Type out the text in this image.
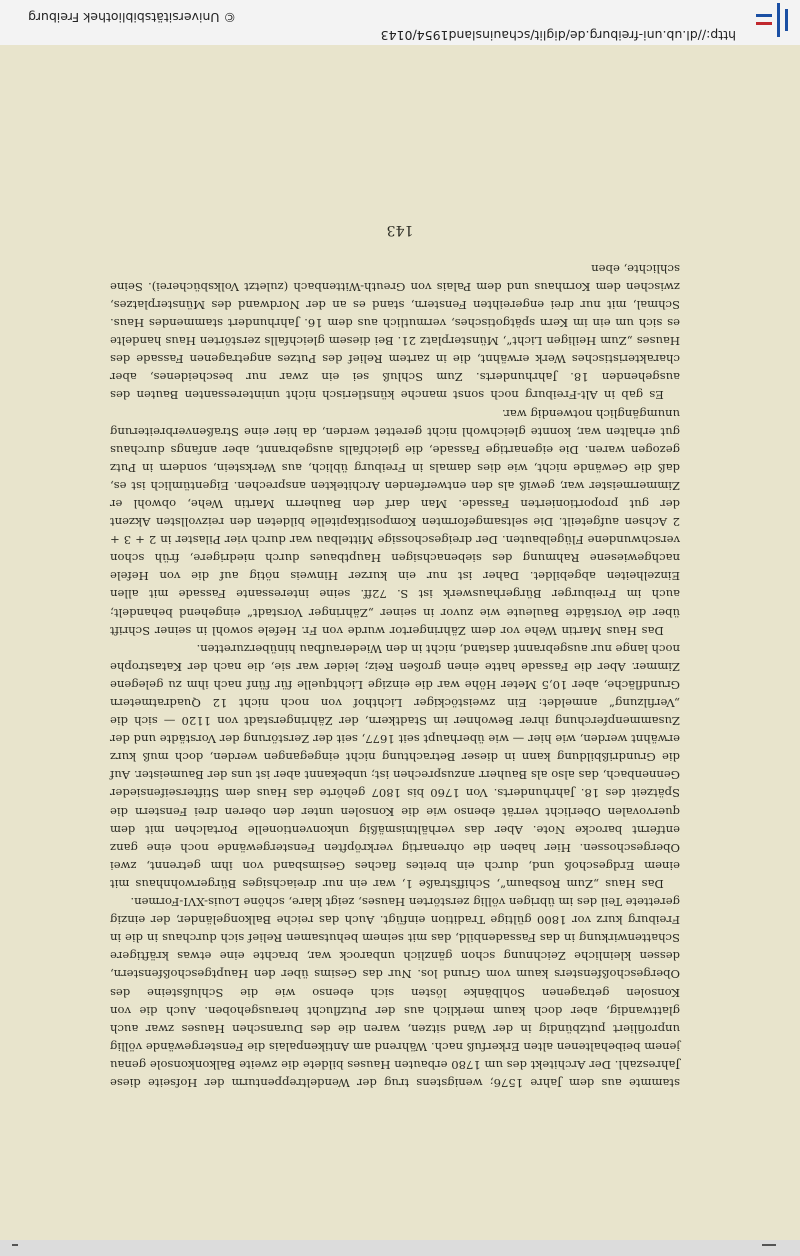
http://dl.ub.uni-freiburg.de/diglit/schauinsland1954/0143
© Universitätsbibliothek Freiburg

stammte aus dem Jahre 1576; wenigstens trug der Wendeltreppenturm der Hofseite diese Jahreszahl. Der Architekt des um 1780 erbauten Hauses bildete die zweite Balkonkonsole genau jenem beibehaltenen alten Erkerfuß nach. Während am Antikenpalais die Fenstergewände völlig unprofiliert putzbündig in der Wand sitzen, waren die des Duranschen Hauses zwar auch glattwandig, aber doch kaum merklich aus der Putzflucht herausgehoben. Auch die von Konsolen getragenen Sohlbänke lösten sich ebenso wie die Schlußsteine des Obergeschoßfensters kaum vom Grund los. Nur das Gesims über den Hauptgeschoßfenstern, dessen kleinliche Zeichnung schon gänzlich unbarock war, brachte eine etwas kräftigere Schattenwirkung in das Fassadenbild, das mit seinem behutsamen Relief sich durchaus in die in Freiburg kurz vor 1800 gültige Tradition einfügt. Auch das reiche Balkongeländer, der einzig gerettete Teil des im übrigen völlig zerstörten Hauses, zeigt klare, schöne Louis-XVI-Formen.

Das Haus „Zum Rosbaum“, Schiffstraße 1, war ein nur dreiachsiges Bürgerwohnhaus mit einem Erdgeschoß und, durch ein breites flaches Gesimsband von ihm getrennt, zwei Obergeschossen. Hier haben die ohrenartig verkröpften Fenstergewände noch eine ganz entfernt barocke Note. Aber das verhältnismäßig unkonventionelle Portalchen mit dem quervovalen Oberlicht verrät ebenso wie die Konsolen unter den oberen drei Fenstern die Spätzeit des 18. Jahrhunderts. Von 1760 bis 1807 gehörte das Haus dem Stifterseifensieder Gennenbach, das also als Bauherr anzusprechen ist; unbekannt aber ist uns der Baumeister. Auf die Grundrißbildung kann in dieser Betrachtung nicht eingegangen werden, doch muß kurz erwähnt werden, wie hier — wie überhaupt seit 1677, seit der Zerstörung der Vorstädte und der Zusammenpferchung ihrer Bewohner im Stadtkern, der Zähringerstadt von 1120 — sich die „Verfilzung“ anmeldet: Ein zweistöckiger Lichthof von noch nicht 12 Quadratmetern Grundfläche, aber 10,5 Meter Höhe war die einzige Lichtquelle für fünf nach ihm zu gelegene Zimmer. Aber die Fassade hatte einen großen Reiz; leider war sie, die nach der Katastrophe noch lange nur ausgebrannt dastand, nicht in den Wiederaufbau hinüberzuretten.

Das Haus Martin Wehe vor dem Zähringertor wurde von Fr. Hefele sowohl in seiner Schrift über die Vorstädte Bauleute wie zuvor in seiner „Zähringer Vorstadt“ eingehend behandelt; auch im Freiburger Bürgerhauswerk ist S. 72ff. seine interessante Fassade mit allen Einzelheiten abgebildet. Daher ist nur ein kurzer Hinweis nötig auf die von Hefele nachgewiesene Rahmung des siebenachsigen Hauptbaues durch niedrigere, früh schon verschwundene Flügelbauten. Der dreigeschossige Mittelbau war durch vier Pilaster in 2 + 3 + 2 Achsen aufgeteilt. Die seltsamgeformten Kompositkapitelle bildeten den reizvollsten Akzent der gut proportionierten Fassade. Man darf den Bauherrn Martin Wehe, obwohl er Zimmermeister war, gewiß als den entwerfenden Architekten ansprechen. Eigentümlich ist es, daß die Gewände nicht, wie dies damals in Freiburg üblich, aus Werkstein, sondern in Putz gezogen waren. Die eigenartige Fassade, die gleichfalls ausgebrannt, aber anfangs durchaus gut erhalten war, konnte gleichwohl nicht gerettet werden, da hier eine Straßenverbreiterung unumgänglich notwendig war.

Es gab in Alt-Freiburg noch sonst manche künstlerisch nicht uninteressanten Bauten des ausgehenden 18. Jahrhunderts. Zum Schluß sei ein zwar nur bescheidenes, aber charakteristisches Werk erwähnt, die in zartem Relief des Putzes angetragenen Fassade des Hauses „Zum Heiligen Licht“, Münsterplatz 21. Bei diesem gleichfalls zerstörten Haus handelte es sich um ein im Kern spätgotisches, vermutlich aus dem 16. Jahrhundert stammendes Haus. Schmal, mit nur drei engereihten Fenstern, stand es an der Nordwand des Münsterplatzes, zwischen dem Kornhaus und dem Palais von Greuth-Wittenbach (zuletzt Volksbücherei). Seine schlichte, eben

143
